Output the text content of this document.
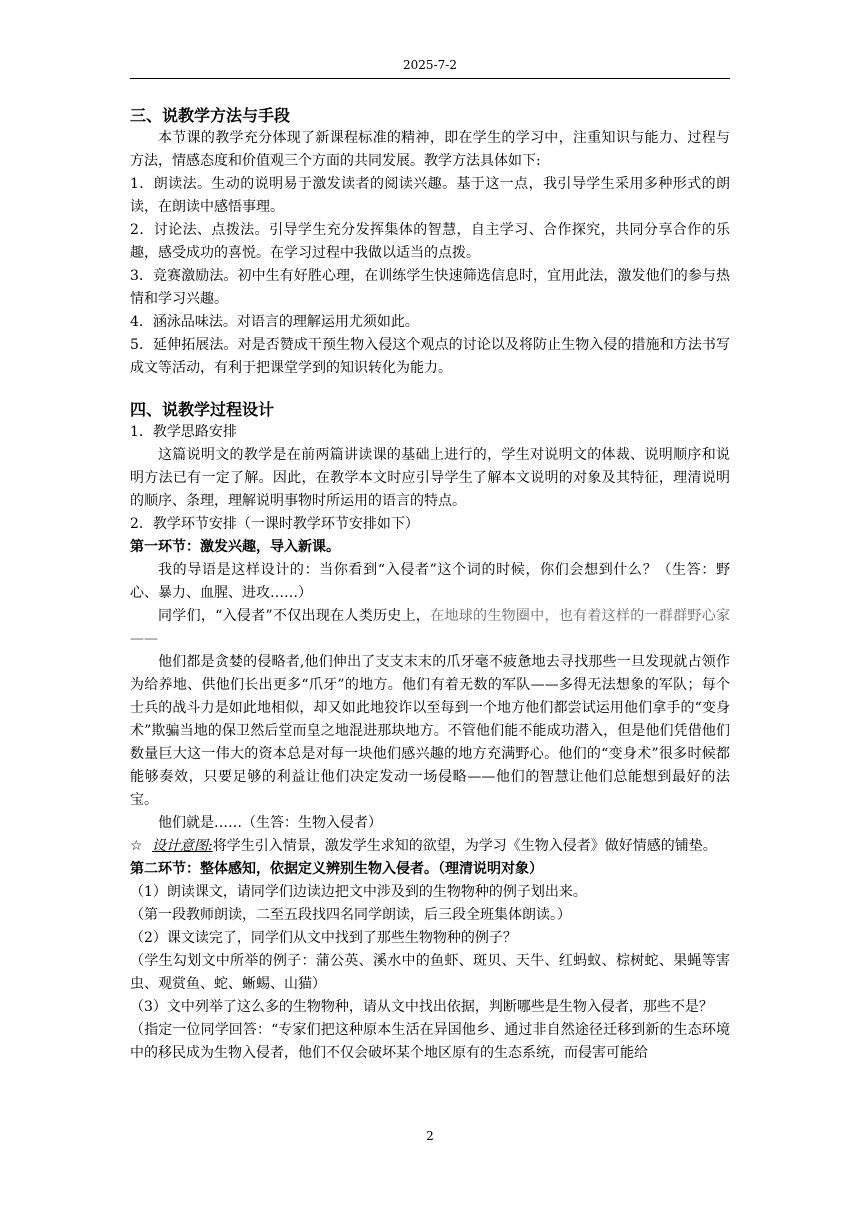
2025-7-2

三、说教学方法与手段

本节课的教学充分体现了新课程标准的精神，即在学生的学习中，注重知识与能力、过程与方法，情感态度和价值观三个方面的共同发展。教学方法具体如下:

1．朗读法。生动的说明易于激发读者的阅读兴趣。基于这一点，我引导学生采用多种形式的朗读，在朗读中感悟事理。

2．讨论法、点拨法。引导学生充分发挥集体的智慧，自主学习、合作探究，共同分享合作的乐趣，感受成功的喜悦。在学习过程中我做以适当的点拨。

3．竞赛激励法。初中生有好胜心理，在训练学生快速筛选信息时，宜用此法，激发他们的参与热情和学习兴趣。

4．涵泳品味法。对语言的理解运用尤须如此。

5．延伸拓展法。对是否赞成干预生物入侵这个观点的讨论以及将防止生物入侵的措施和方法书写成文等活动，有利于把课堂学到的知识转化为能力。

四、说教学过程设计

1．教学思路安排

这篇说明文的教学是在前两篇讲读课的基础上进行的，学生对说明文的体裁、说明顺序和说明方法已有一定了解。因此，在教学本文时应引导学生了解本文说明的对象及其特征，理清说明的顺序、条理，理解说明事物时所运用的语言的特点。

2．教学环节安排（一课时教学环节安排如下）

第一环节：激发兴趣，导入新课。

我的导语是这样设计的：当你看到“入侵者”这个词的时候，你们会想到什么？（生答：野心、暴力、血腥、进攻……）

同学们，“入侵者”不仅出现在人类历史上，在地球的生物圈中，也有着这样的一群群野心家——

他们都是贪婪的侵略者,他们伸出了支支末末的爪牙毫不疲惫地去寻找那些一旦发现就占领作为给养地、供他们长出更多“爪牙”的地方。他们有着无数的军队——多得无法想象的军队；每个士兵的战斗力是如此地相似，却又如此地狡诈以至每到一个地方他们都尝试运用他们拿手的“变身术”欺骗当地的保卫然后堂而皇之地混进那块地方。不管他们能不能成功潜入，但是他们凭借他们数量巨大这一伟大的资本总是对每一块他们感兴趣的地方充满野心。他们的“变身术”很多时候都能够奏效，只要足够的利益让他们决定发动一场侵略——他们的智慧让他们总能想到最好的法宝。

他们就是……（生答：生物入侵者）

☆ 设计意图:将学生引入情景，激发学生求知的欲望，为学习《生物入侵者》做好情感的铺垫。

第二环节：整体感知，依据定义辨别生物入侵者。（理清说明对象）

（1）朗读课文，请同学们边读边把文中涉及到的生物物种的例子划出来。

（第一段教师朗读，二至五段找四名同学朗读，后三段全班集体朗读。）

（2）课文读完了，同学们从文中找到了那些生物物种的例子？

（学生勾划文中所举的例子：蒲公英、溪水中的鱼虾、斑贝、天牛、红蚂蚁、棕树蛇、果蝇等害虫、观赏鱼、蛇、蜥蜴、山猫）

（3）文中列举了这么多的生物物种，请从文中找出依据，判断哪些是生物入侵者，那些不是？

（指定一位同学回答：“专家们把这种原本生活在异国他乡、通过非自然途径迁移到新的生态环境中的移民成为生物入侵者，他们不仅会破坏某个地区原有的生态系统，而侵害可能给

2
